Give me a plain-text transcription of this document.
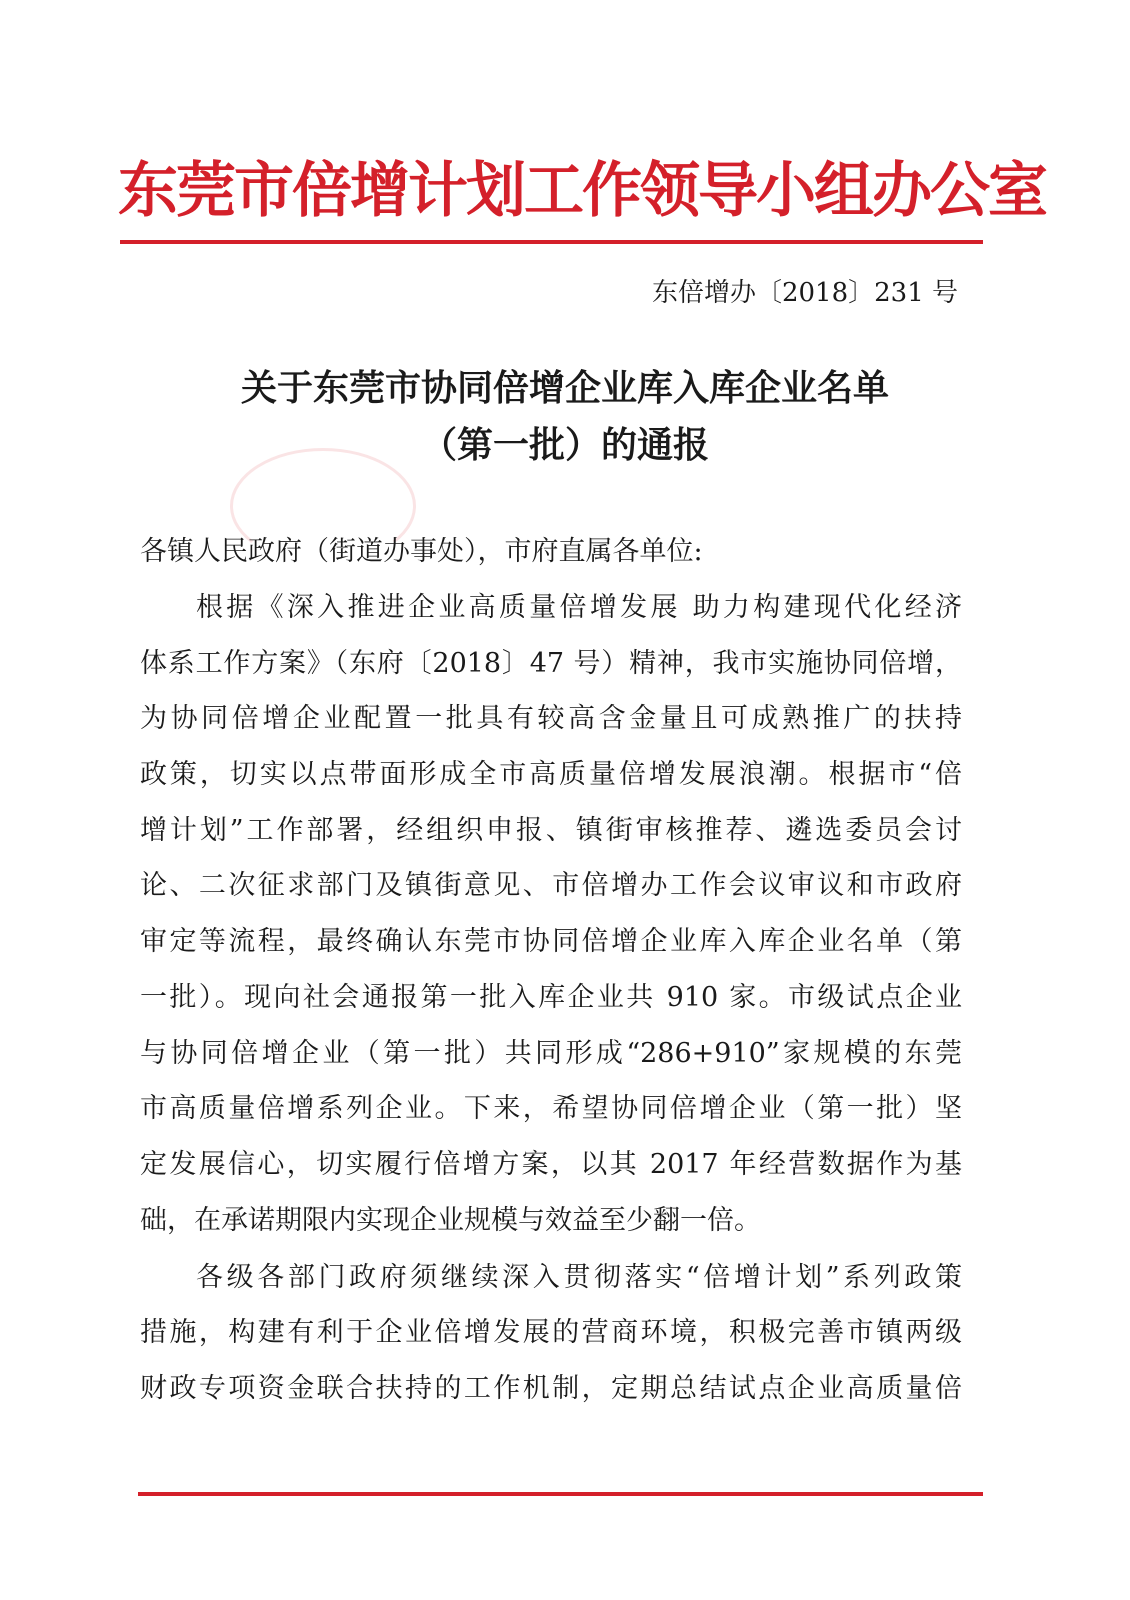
东莞市倍增计划工作领导小组办公室
东倍增办〔2018〕231 号
关于东莞市协同倍增企业库入库企业名单
（第一批）的通报
各镇人民政府（街道办事处），市府直属各单位:
根据《深入推进企业高质量倍增发展 助力构建现代化经济
体系工作方案》（东府〔2018〕47 号）精神，我市实施协同倍增，
为协同倍增企业配置一批具有较高含金量且可成熟推广的扶持
政策，切实以点带面形成全市高质量倍增发展浪潮。根据市“倍
增计划”工作部署，经组织申报、镇街审核推荐、遴选委员会讨
论、二次征求部门及镇街意见、市倍增办工作会议审议和市政府
审定等流程，最终确认东莞市协同倍增企业库入库企业名单（第
一批）。现向社会通报第一批入库企业共 910 家。市级试点企业
与协同倍增企业（第一批）共同形成“286+910”家规模的东莞
市高质量倍增系列企业。下来，希望协同倍增企业（第一批）坚
定发展信心，切实履行倍增方案，以其 2017 年经营数据作为基
础，在承诺期限内实现企业规模与效益至少翻一倍。
各级各部门政府须继续深入贯彻落实“倍增计划”系列政策
措施，构建有利于企业倍增发展的营商环境，积极完善市镇两级
财政专项资金联合扶持的工作机制，定期总结试点企业高质量倍
